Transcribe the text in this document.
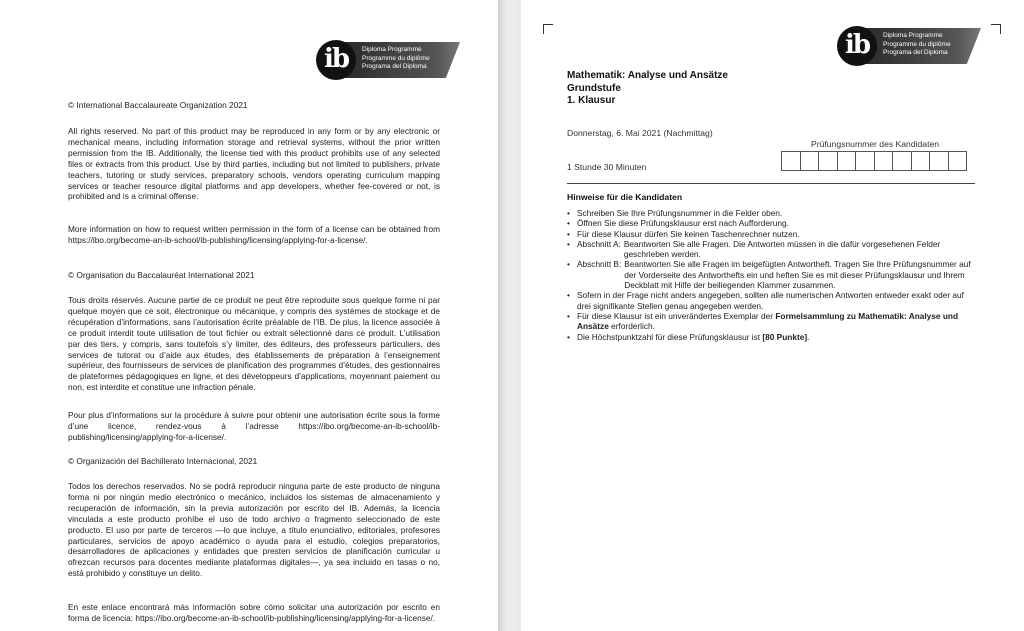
ib	Diploma Programme
Programme du diplôme
Programa del Diploma

© International Baccalaureate Organization 2021

All rights reserved. No part of this product may be reproduced in any form or by any electronic or mechanical means, including information storage and retrieval systems, without the prior written permission from the IB. Additionally, the license tied with this product prohibits use of any selected files or extracts from this product. Use by third parties, including but not limited to publishers, private teachers, tutoring or study services, preparatory schools, vendors operating curriculum mapping services or teacher resource digital platforms and app developers, whether fee-covered or not, is prohibited and is a criminal offense.

More information on how to request written permission in the form of a license can be obtained from https://ibo.org/become-an-ib-school/ib-publishing/licensing/applying-for-a-license/.

© Organisation du Baccalauréat International 2021

Tous droits réservés. Aucune partie de ce produit ne peut être reproduite sous quelque forme ni par quelque moyen que ce soit, électronique ou mécanique, y compris des systèmes de stockage et de récupération d’informations, sans l’autorisation écrite préalable de l’IB. De plus, la licence associée à ce produit interdit toute utilisation de tout fichier ou extrait sélectionné dans ce produit. L’utilisation par des tiers, y compris, sans toutefois s’y limiter, des éditeurs, des professeurs particuliers, des services de tutorat ou d’aide aux études, des établissements de préparation à l’enseignement supérieur, des fournisseurs de services de planification des programmes d’études, des gestionnaires de plateformes pédagogiques en ligne, et des développeurs d’applications, moyennant paiement ou non, est interdite et constitue une infraction pénale.

Pour plus d’informations sur la procédure à suivre pour obtenir une autorisation écrite sous la forme d’une licence, rendez-vous à l’adresse https://ibo.org/become-an-ib-school/ib-publishing/licensing/applying-for-a-license/.

© Organización del Bachillerato Internacional, 2021

Todos los derechos reservados. No se podrá reproducir ninguna parte de este producto de ninguna forma ni por ningún medio electrónico o mecánico, incluidos los sistemas de almacenamiento y recuperación de información, sin la previa autorización por escrito del IB. Además, la licencia vinculada a este producto prohíbe el uso de todo archivo o fragmento seleccionado de este producto. El uso por parte de terceros —lo que incluye, a título enunciativo, editoriales, profesores particulares, servicios de apoyo académico o ayuda para el estudio, colegios preparatorios, desarrolladores de aplicaciones y entidades que presten servicios de planificación curricular u ofrezcan recursos para docentes mediante plataformas digitales—, ya sea incluido en tasas o no, está prohibido y constituye un delito.

En este enlace encontrará más información sobre cómo solicitar una autorización por escrito en forma de licencia: https://ibo.org/become-an-ib-school/ib-publishing/licensing/applying-for-a-license/.

ib	Diploma Programme
Programme du diplôme
Programa del Diploma
Mathematik: Analyse und Ansätze
Grundstufe
1. Klausur
Donnerstag, 6. Mai 2021 (Nachmittag)
1 Stunde 30 Minuten
Prüfungsnummer des Kandidaten
Hinweise für die Kandidaten
• Schreiben Sie Ihre Prüfungsnummer in die Felder oben.
• Öffnen Sie diese Prüfungsklausur erst nach Aufforderung.
• Für diese Klausur dürfen Sie keinen Taschenrechner nutzen.
• Abschnitt A: Beantworten Sie alle Fragen. Die Antworten müssen in die dafür vorgesehenen Felder geschrieben werden.
• Abschnitt B: Beantworten Sie alle Fragen im beigefügten Antwortheft. Tragen Sie Ihre Prüfungsnummer auf der Vorderseite des Antworthefts ein und heften Sie es mit dieser Prüfungsklausur und Ihrem Deckblatt mit Hilfe der beiliegenden Klammer zusammen.
• Sofern in der Frage nicht anders angegeben, sollten alle numerischen Antworten entweder exakt oder auf drei signifikante Stellen genau angegeben werden.
• Für diese Klausur ist ein unverändertes Exemplar der Formelsammlung zu Mathematik: Analyse und Ansätze erforderlich.
• Die Höchstpunktzahl für diese Prüfungsklausur ist [80 Punkte].
